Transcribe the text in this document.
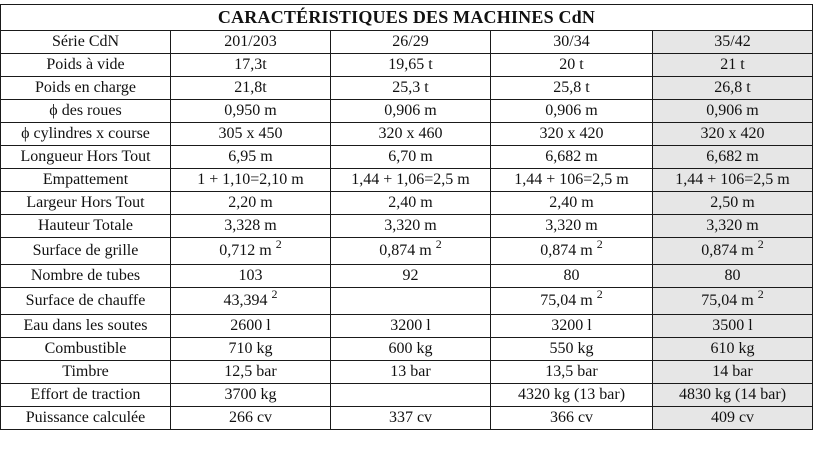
CARACTÉRISTIQUES DES MACHINES CdN				
Série CdN	201/203	26/29	30/34	35/42
Poids à vide	17,3t	19,65 t	20 t	21 t
Poids en charge	21,8t	25,3 t	25,8 t	26,8 t
ϕ des roues	0,950 m	0,906 m	0,906 m	0,906 m
ϕ cylindres x course	305 x 450	320 x 460	320 x 420	320 x 420
Longueur Hors Tout	6,95 m	6,70 m	6,682 m	6,682 m
Empattement	1 + 1,10=2,10 m	1,44 + 1,06=2,5 m	1,44 + 106=2,5 m	1,44 + 106=2,5 m
Largeur Hors Tout	2,20 m	2,40 m	2,40 m	2,50 m
Hauteur Totale	3,328 m	3,320 m	3,320 m	3,320 m
Surface de grille	0,712 m $^2$	0,874 m $^2$	0,874 m $^2$	0,874 m $^2$
Nombre de tubes	103	92	80	80
Surface de chauffe	43,394 $^2$		75,04 m $^2$	75,04 m $^2$
Eau dans les soutes	2600 l	3200 l	3200 l	3500 l
Combustible	710 kg	600 kg	550 kg	610 kg
Timbre	12,5 bar	13 bar	13,5 bar	14 bar
Effort de traction	3700 kg		4320 kg (13 bar)	4830 kg (14 bar)
Puissance calculée	266 cv	337 cv	366 cv	409 cv
